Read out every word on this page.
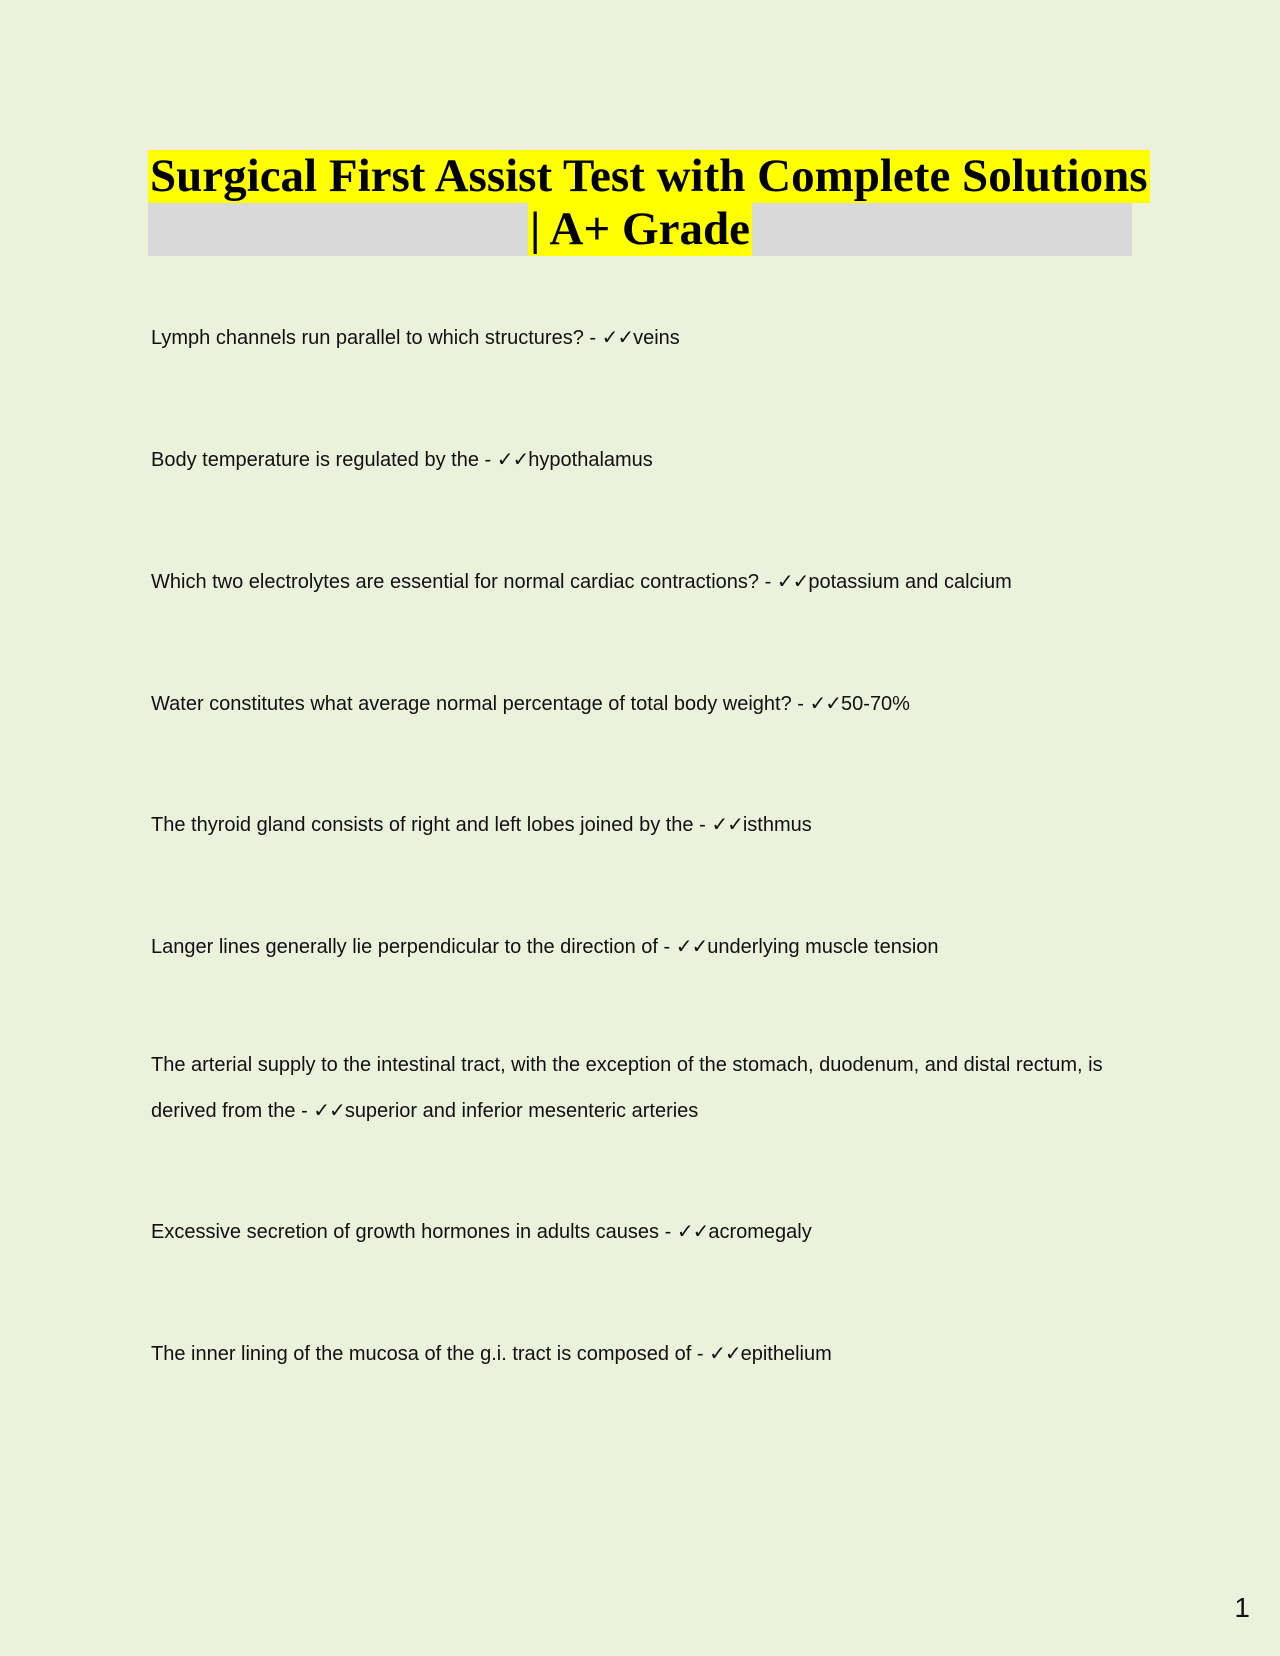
Surgical First Assist Test with Complete Solutions
| A+ Grade
Lymph channels run parallel to which structures? - ✓✓veins
Body temperature is regulated by the - ✓✓hypothalamus
Which two electrolytes are essential for normal cardiac contractions? - ✓✓potassium and calcium
Water constitutes what average normal percentage of total body weight? - ✓✓50-70%
The thyroid gland consists of right and left lobes joined by the - ✓✓isthmus
Langer lines generally lie perpendicular to the direction of - ✓✓underlying muscle tension
The arterial supply to the intestinal tract, with the exception of the stomach, duodenum, and distal rectum, is derived from the - ✓✓superior and inferior mesenteric arteries
Excessive secretion of growth hormones in adults causes - ✓✓acromegaly
The inner lining of the mucosa of the g.i. tract is composed of - ✓✓epithelium
1
